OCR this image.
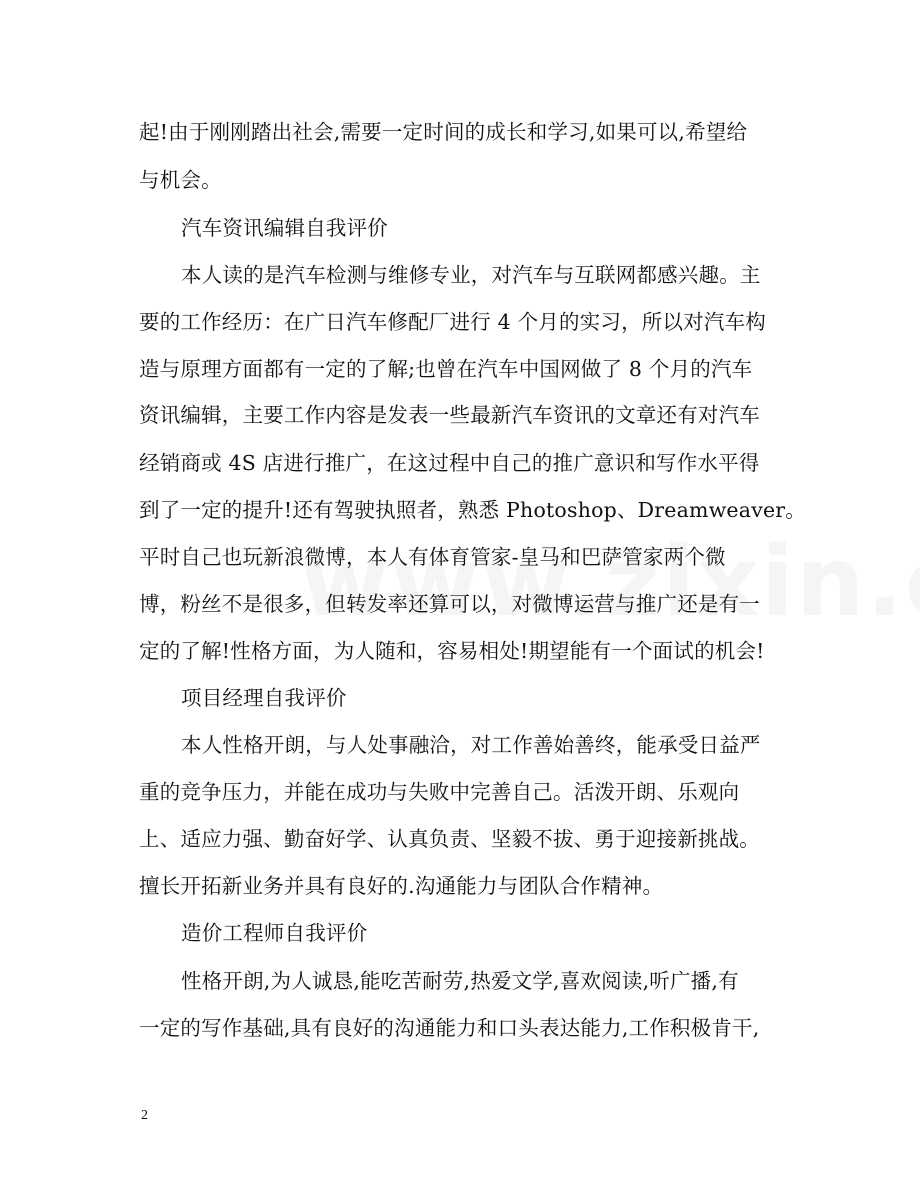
起!由于刚刚踏出社会,需要一定时间的成长和学习,如果可以,希望给
与机会。
汽车资讯编辑自我评价
本人读的是汽车检测与维修专业，对汽车与互联网都感兴趣。主
要的工作经历：在广日汽车修配厂进行 4 个月的实习，所以对汽车构
造与原理方面都有一定的了解;也曾在汽车中国网做了 8 个月的汽车
资讯编辑，主要工作内容是发表一些最新汽车资讯的文章还有对汽车
经销商或 4S 店进行推广，在这过程中自己的推广意识和写作水平得
到了一定的提升!还有驾驶执照者，熟悉 Photoshop、Dreamweaver。
平时自己也玩新浪微博，本人有体育管家-皇马和巴萨管家两个微
博，粉丝不是很多，但转发率还算可以，对微博运营与推广还是有一
定的了解!性格方面，为人随和，容易相处!期望能有一个面试的机会!
项目经理自我评价
本人性格开朗，与人处事融洽，对工作善始善终，能承受日益严
重的竞争压力，并能在成功与失败中完善自己。活泼开朗、乐观向
上、适应力强、勤奋好学、认真负责、坚毅不拔、勇于迎接新挑战。
擅长开拓新业务并具有良好的.沟通能力与团队合作精神。
造价工程师自我评价
性格开朗,为人诚恳,能吃苦耐劳,热爱文学,喜欢阅读,听广播,有
一定的写作基础,具有良好的沟通能力和口头表达能力,工作积极肯干,
2
